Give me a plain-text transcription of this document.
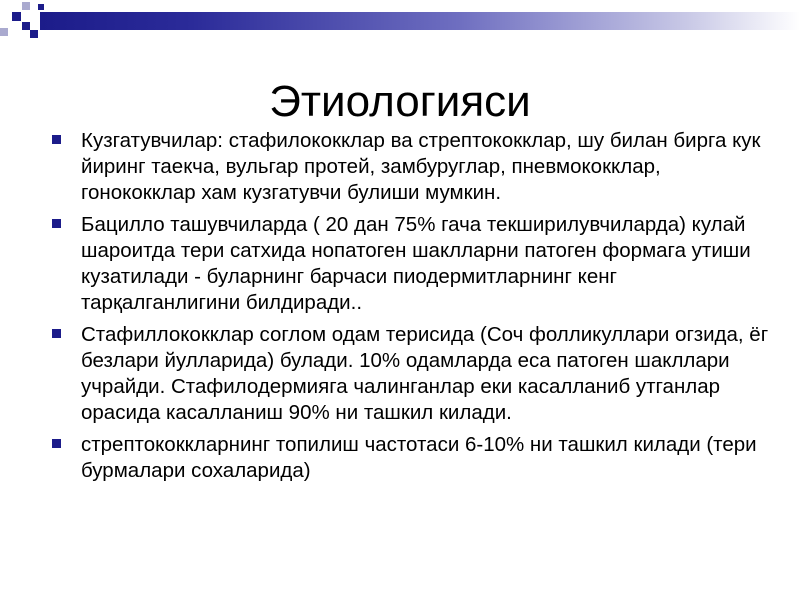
Этиологияси
Кузгатувчилар: стафилококклар ва стрептококклар, шу билан бирга кук йиринг таекча, вульгар протей, замбуруглар, пневмококклар, гонококклар хам кузгатувчи булиши мумкин.
Бацилло ташувчиларда ( 20 дан 75% гача текширилувчиларда) кулай шароитда тери сатхида нопатоген шаклларни патоген формага утиши кузатилади - буларнинг барчаси пиодермитларнинг кенг тарқалганлигини билдиради..
Стафиллококклар соглом одам терисида (Соч фолликуллари огзида, ёг безлари йулларида) булади. 10% одамларда еса патоген шакллари учрайди. Стафилодермияга чалинганлар еки касалланиб утганлар орасида касалланиш 90% ни ташкил килади.
стрептококкларнинг топилиш частотаси 6-10% ни ташкил килади (тери бурмалари сохаларида)
